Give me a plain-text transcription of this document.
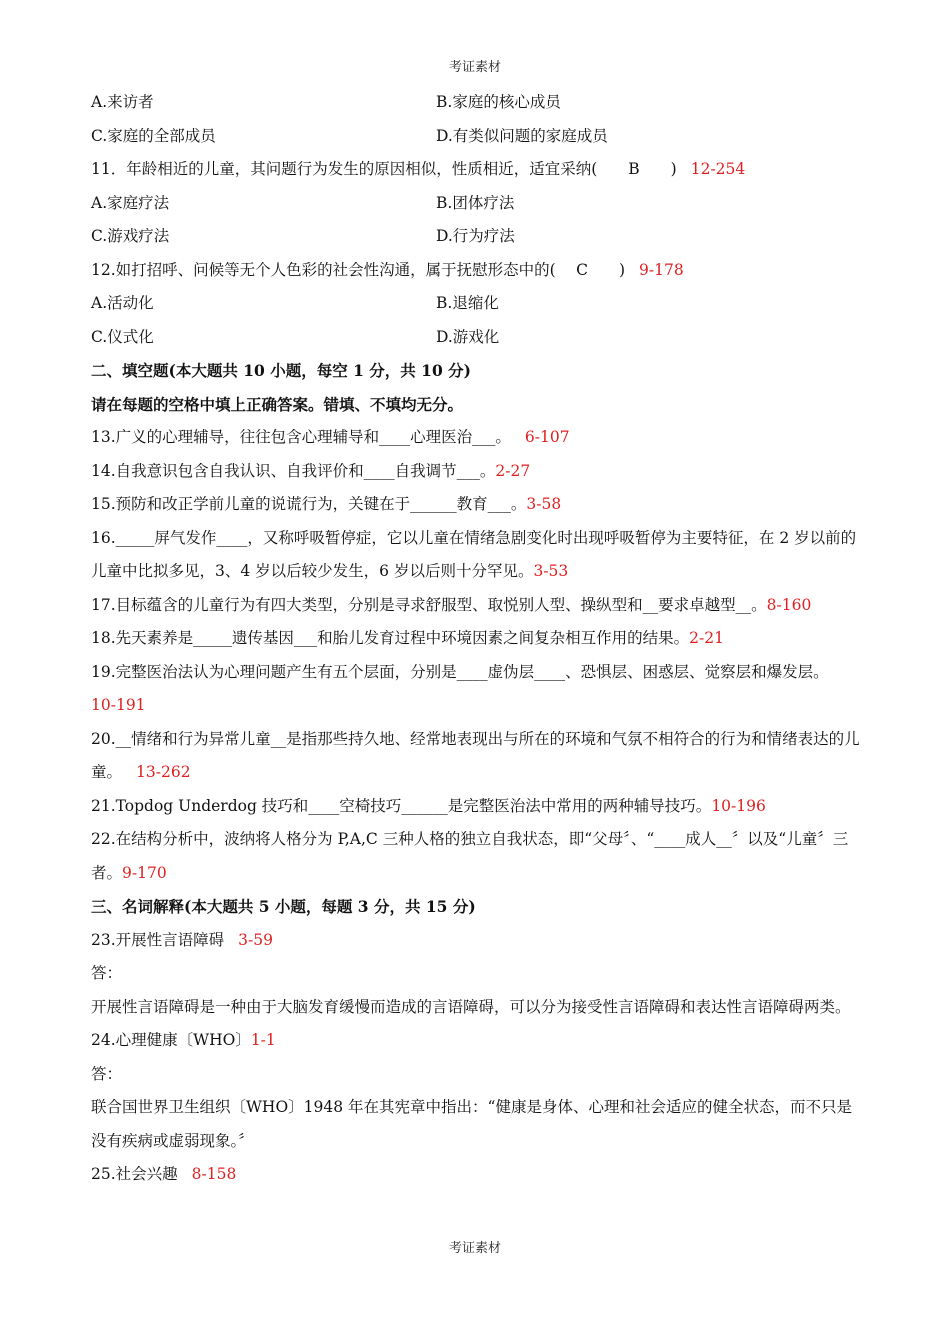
考证素材
A.来访者	B.家庭的核心成员
C.家庭的全部成员	D.有类似问题的家庭成员
11．年龄相近的儿童，其问题行为发生的原因相似，性质相近，适宜采纳(　　B　　) 12-254
A.家庭疗法	B.团体疗法
C.游戏疗法	D.行为疗法
12.如打招呼、问候等无个人色彩的社会性沟通，属于抚慰形态中的(　 C　　) 9-178
A.活动化	B.退缩化
C.仪式化	D.游戏化
二、填空题(本大题共 10 小题，每空 1 分，共 10 分)
请在每题的空格中填上正确答案。错填、不填均无分。
13.广义的心理辅导，往往包含心理辅导和____心理医治___。 6-107
14.自我意识包含自我认识、自我评价和____自我调节___。2-27
15.预防和改正学前儿童的说谎行为，关键在于______教育___。3-58
16._____屏气发作____，又称呼吸暂停症，它以儿童在情绪急剧变化时出现呼吸暂停为主要特征，在 2 岁以前的儿童中比拟多见，3、4 岁以后较少发生，6 岁以后则十分罕见。3-53
17.目标蕴含的儿童行为有四大类型，分别是寻求舒服型、取悦别人型、操纵型和__要求卓越型__。8-160
18.先天素养是_____遗传基因___和胎儿发育过程中环境因素之间复杂相互作用的结果。2-21
19.完整医治法认为心理问题产生有五个层面，分别是____虚伪层____、恐惧层、困惑层、觉察层和爆发层。
10-191
20.__情绪和行为异常儿童__是指那些持久地、经常地表现出与所在的环境和气氛不相符合的行为和情绪表达的儿童。 13-262
21.Topdog Underdog 技巧和____空椅技巧______是完整医治法中常用的两种辅导技巧。10-196
22.在结构分析中，波纳将人格分为 P,A,C 三种人格的独立自我状态，即“父母〞、“____成人__〞以及“儿童〞三者。9-170
三、名词解释(本大题共 5 小题，每题 3 分，共 15 分)
23.开展性言语障碍 3-59
答：
开展性言语障碍是一种由于大脑发育缓慢而造成的言语障碍，可以分为接受性言语障碍和表达性言语障碍两类。
24.心理健康〔WHO〕1-1
答：
联合国世界卫生组织〔WHO〕1948 年在其宪章中指出：“健康是身体、心理和社会适应的健全状态，而不只是没有疾病或虚弱现象。〞
25.社会兴趣 8-158
考证素材
